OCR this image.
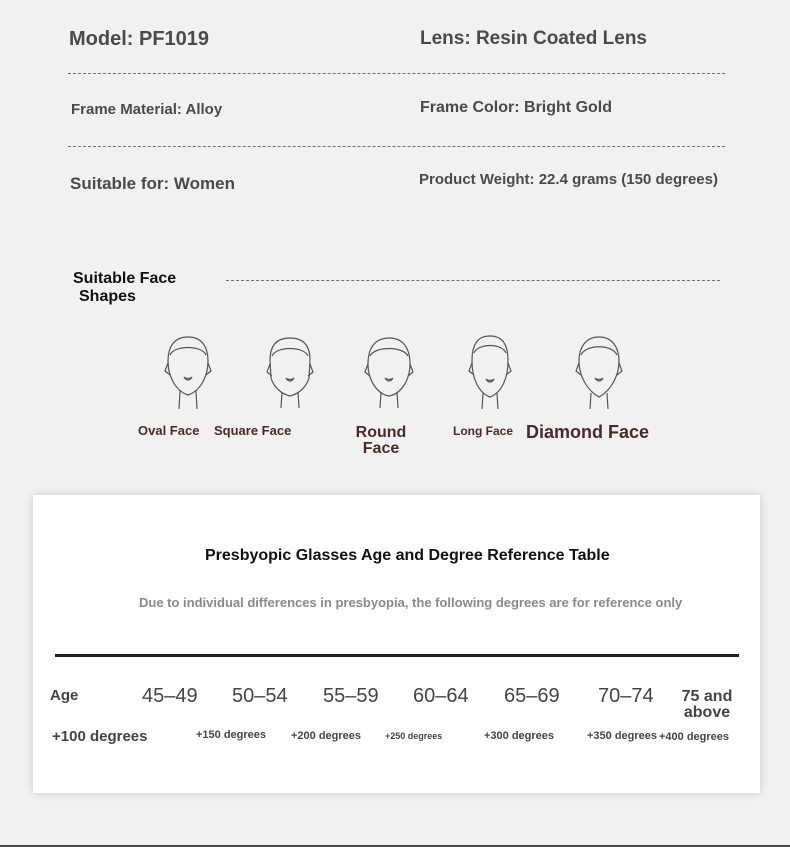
Model: PF1019	Lens: Resin Coated Lens
Frame Material: Alloy	Frame Color: Bright Gold
Suitable for: Women	Product Weight: 22.4 grams (150 degrees)
Suitable Face
Shapes
Oval Face Square Face	Round
Face
Long Face Diamond Face
Presbyopic Glasses Age and Degree Reference Table
Due to individual differences in presbyopia, the following degrees are for reference only
Age	45–49 50–54 55–59 60–64 65–69 70–74	75 and
above
+100 degrees	+150 degrees +200 degrees	+250 degrees	+300 degrees	+350 degrees +400 degrees
